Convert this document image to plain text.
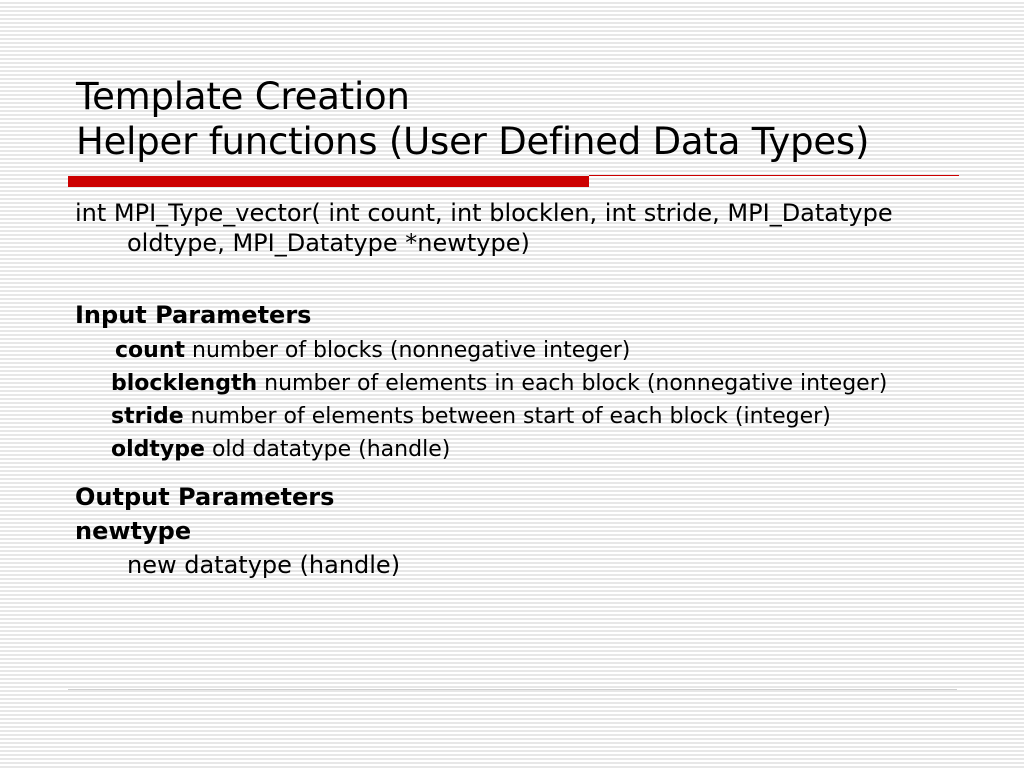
Template Creation
Helper functions (User Defined Data Types)

int MPI_Type_vector( int count, int blocklen, int stride, MPI_Datatype oldtype, MPI_Datatype *newtype)

Input Parameters

count number of blocks (nonnegative integer)

blocklength number of elements in each block (nonnegative integer)

stride number of elements between start of each block (integer)

oldtype old datatype (handle)

Output Parameters

newtype

new datatype (handle)
